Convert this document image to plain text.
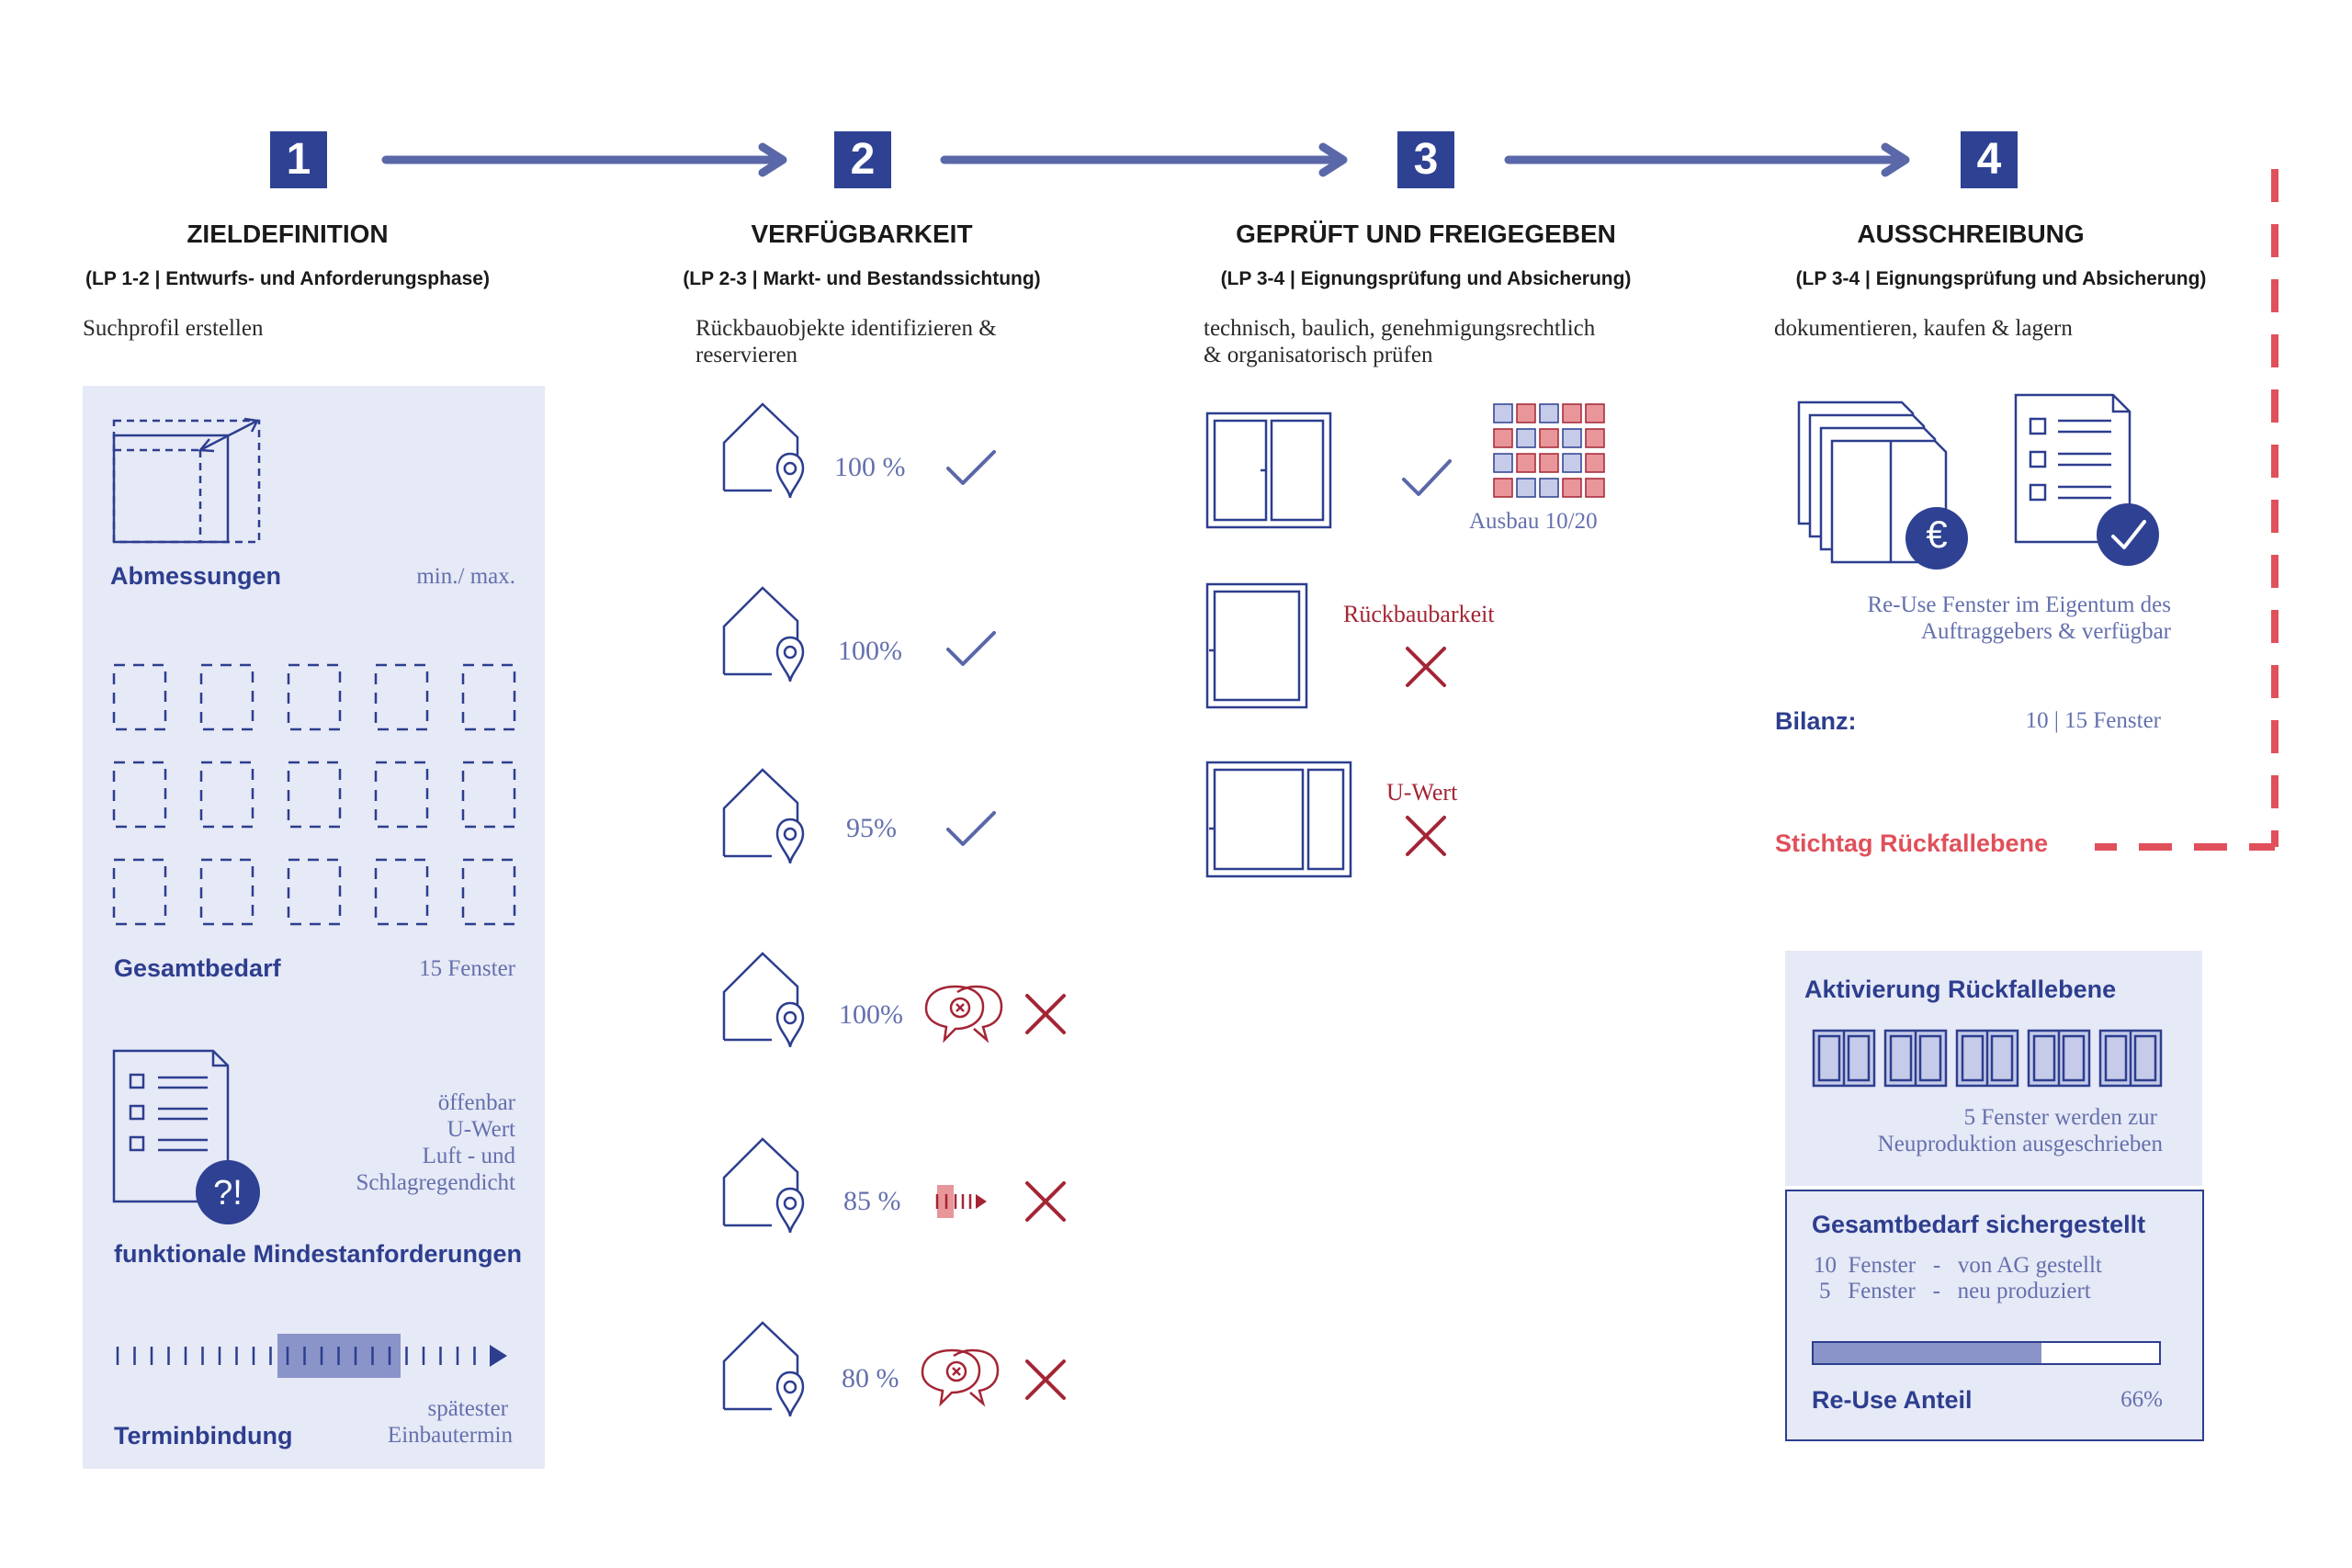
1	2	3	4
ZIELDEFINITION	VERFÜGBARKEIT	GEPRÜFT UND FREIGEGEBEN	AUSSCHREIBUNG
(LP 1-2 | Entwurfs- und Anforderungsphase)	(LP 2-3 | Markt- und Bestandssichtung)	(LP 3-4 | Eignungsprüfung und Absicherung)	(LP 3-4 | Eignungsprüfung und Absicherung)
Suchprofil erstellen	Rückbauobjekte identifizieren &
reservieren
technisch, baulich, genehmigungsrechtlich
& organisatorisch prüfen
dokumentieren, kaufen & lagern
Abmessungen	min./ max.
Gesamtbedarf	15 Fenster
?!
öffenbar
U-Wert
Luft - und
Schlagregendicht
funktionale Mindestanforderungen
Terminbindung
spätester
Einbautermin
100 %
100%
95%
100%
85 %
80 %
Ausbau 10/20
Rückbaubarkeit
U-Wert
€
Re-Use Fenster im Eigentum des
Auftraggebers & verfügbar
Bilanz:	10 | 15 Fenster
Stichtag Rückfallebene
Aktivierung Rückfallebene
5 Fenster werden zur
Neuproduktion ausgeschrieben
Gesamtbedarf sichergestellt
10  Fenster   -   von AG gestellt
5   Fenster   -   neu produziert
Re-Use Anteil	66%
